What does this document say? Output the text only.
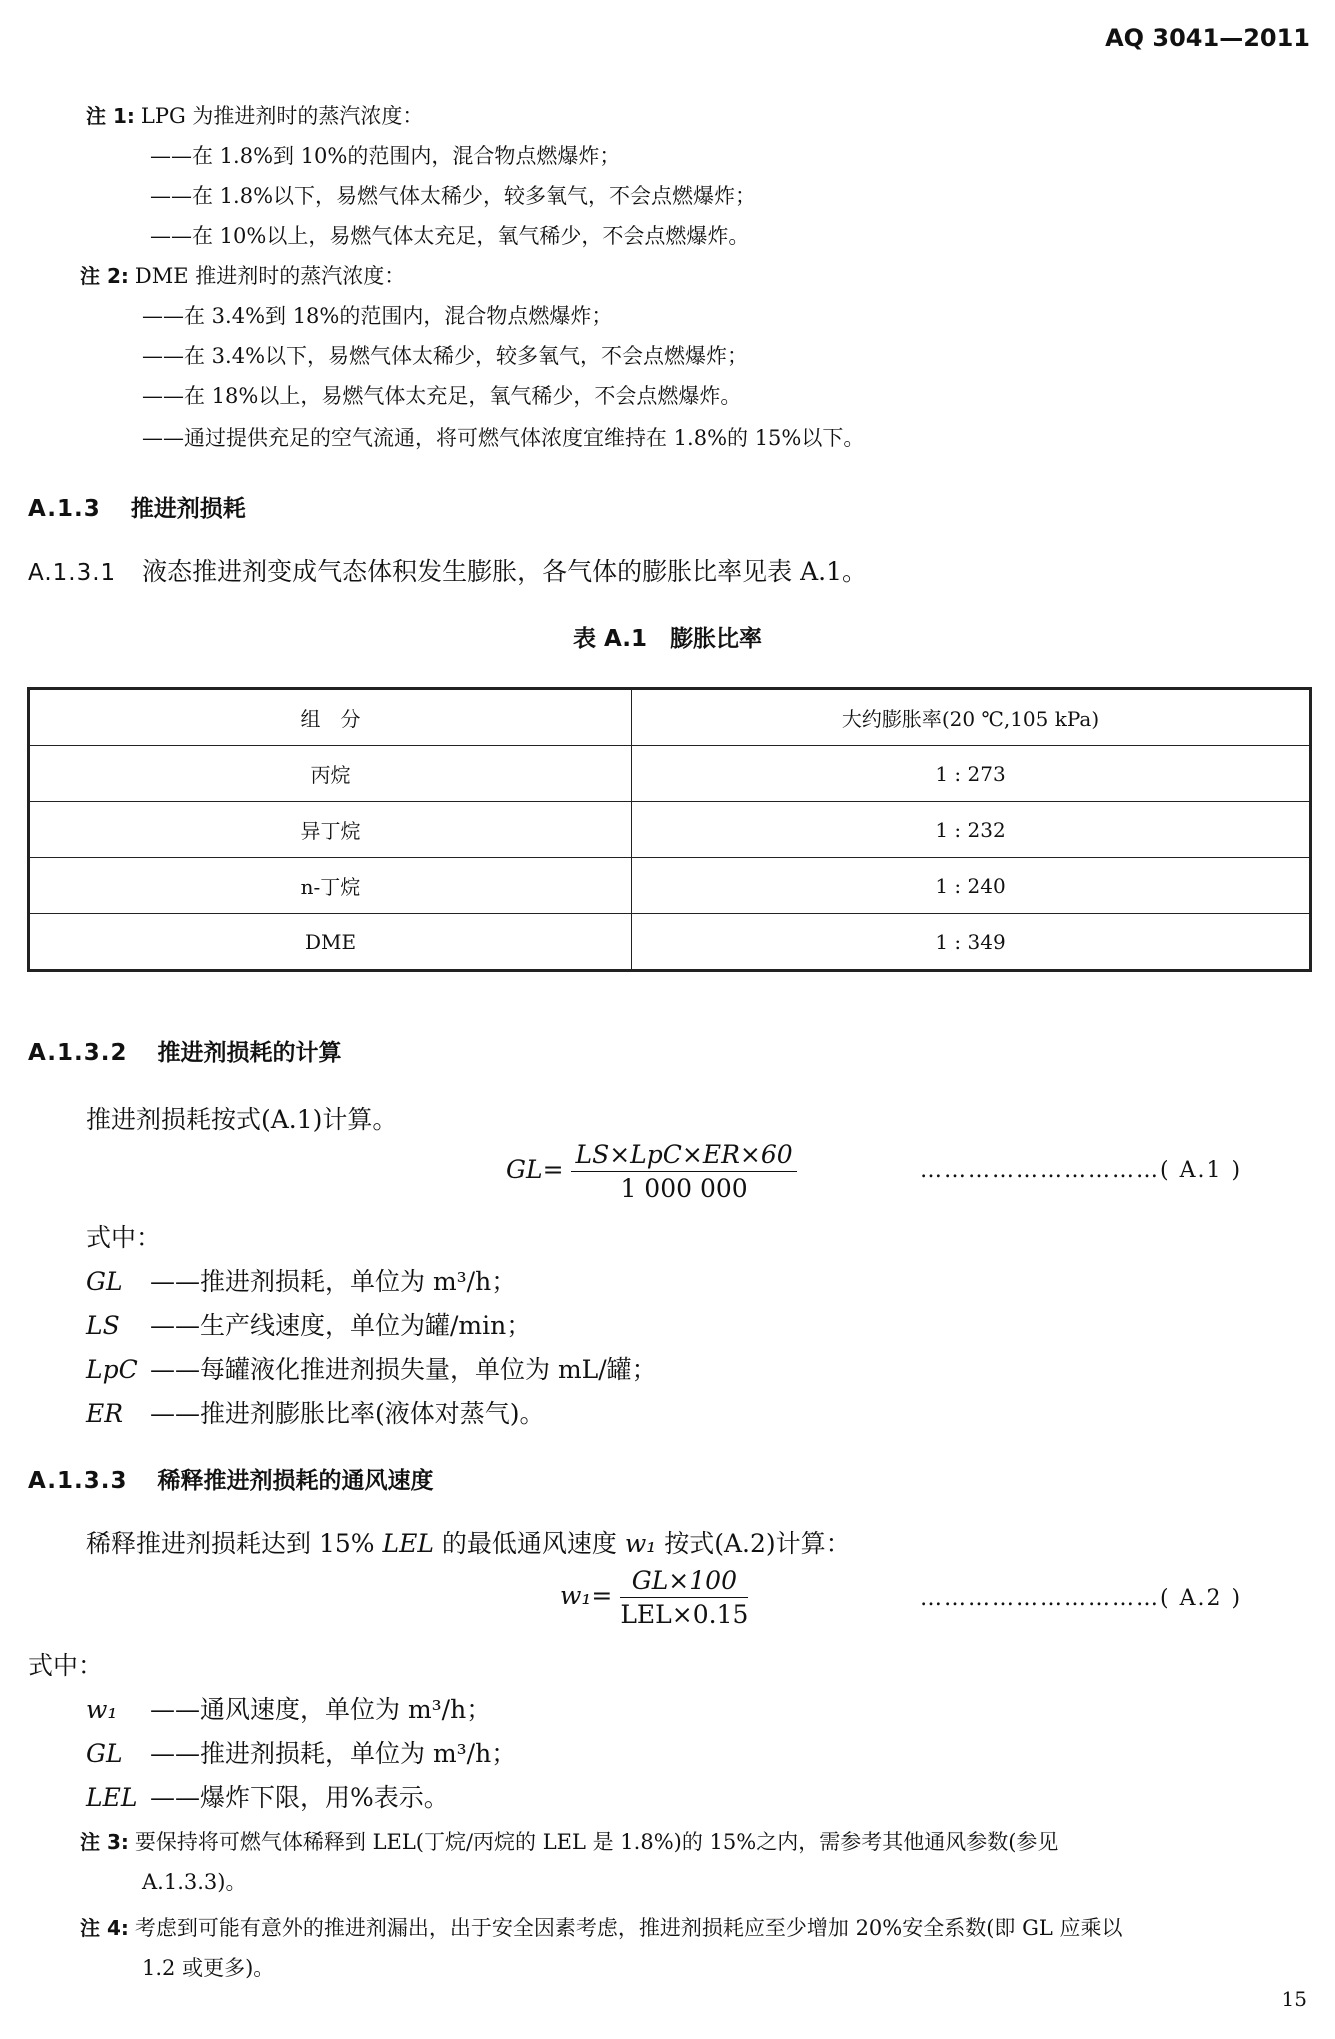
AQ 3041—2011
注 1: LPG 为推进剂时的蒸汽浓度：
——在 1.8%到 10%的范围内，混合物点燃爆炸；
——在 1.8%以下，易燃气体太稀少，较多氧气，不会点燃爆炸；
——在 10%以上，易燃气体太充足，氧气稀少，不会点燃爆炸。
注 2: DME 推进剂时的蒸汽浓度：
——在 3.4%到 18%的范围内，混合物点燃爆炸；
——在 3.4%以下，易燃气体太稀少，较多氧气，不会点燃爆炸；
——在 18%以上，易燃气体太充足，氧气稀少，不会点燃爆炸。
——通过提供充足的空气流通，将可燃气体浓度宜维持在 1.8%的 15%以下。
A.1.3 推进剂损耗
A.1.3.1 液态推进剂变成气态体积发生膨胀，各气体的膨胀比率见表 A.1。
表 A.1　膨胀比率
组　分	大约膨胀率(20 ℃,105 kPa)
丙烷	1 : 273
异丁烷	1 : 232
n-丁烷	1 : 240
DME	1 : 349
A.1.3.2 推进剂损耗的计算
推进剂损耗按式(A.1)计算。
$GL= \frac{\text{LS×LpC×ER×60}}{1 000 000}$	…………………………( A.1 )
式中：
GL ——推进剂损耗，单位为 m³/h；
LS ——生产线速度，单位为罐/min；
LpC ——每罐液化推进剂损失量，单位为 mL/罐；
ER ——推进剂膨胀比率(液体对蒸气)。
A.1.3.3 稀释推进剂损耗的通风速度
稀释推进剂损耗达到 15% LEL 的最低通风速度 w₁ 按式(A.2)计算：
$w_1= \frac{GL\times 100}{\text{LEL×0.15}}$	…………………………( A.2 )
式中：
w₁ ——通风速度，单位为 m³/h；
GL ——推进剂损耗，单位为 m³/h；
LEL ——爆炸下限，用%表示。
注 3: 要保持将可燃气体稀释到 LEL(丁烷/丙烷的 LEL 是 1.8%)的 15%之内，需参考其他通风参数(参见
A.1.3.3)。
注 4: 考虑到可能有意外的推进剂漏出，出于安全因素考虑，推进剂损耗应至少增加 20%安全系数(即 GL 应乘以
1.2 或更多)。
15
